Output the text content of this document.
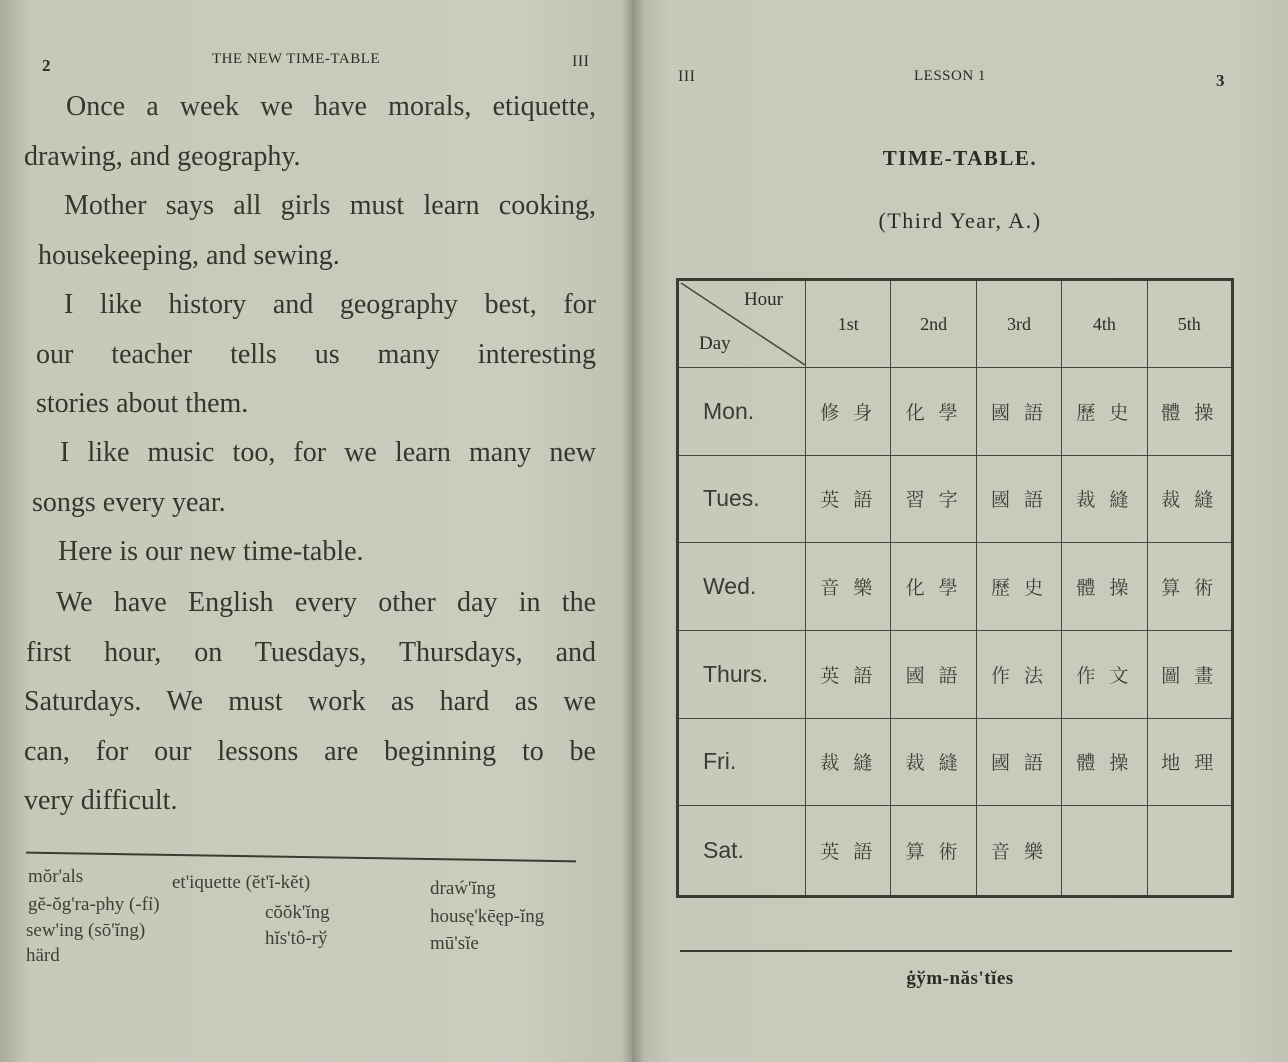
2	THE NEW TIME-TABLE	III
Once a week we have morals, etiquette,
drawing, and geography.
Mother says all girls must learn cooking,
housekeeping, and sewing.
I like history and geography best, for
our teacher tells us many interesting
stories about them.
I like music too, for we learn many new
songs every year.
Here is our new time-table.
We have English every other day in the
first hour, on Tuesdays, Thursdays, and
Saturdays. We must work as hard as we
can, for our lessons are beginning to be
very difficult.
mŏr'als
gĕ-ŏg'ra-phy (-fỉ)
sew'ing (sō'ĭng)
härd
et'iquette (ĕt'ĭ-kĕt)
cŏŏk'ĭng
hĭs'tô-rў
draẃ'ĭng
housę'kēęp-ĭng
mū'sĭe
III	LESSON 1	3
TIME-TABLE.
(Third Year, A.)
Hour
Day	1st	2nd	3rd	4th	5th
Mon.	修身	化學	國語	歷史	體操
Tues.	英語	習字	國語	裁縫	裁縫
Wed.	音樂	化學	歷史	體操	算術
Thurs.	英語	國語	作法	作文	圖畫
Fri.	裁縫	裁縫	國語	體操	地理
Sat.	英語	算術	音樂		
ġўm-năs'tĭes
